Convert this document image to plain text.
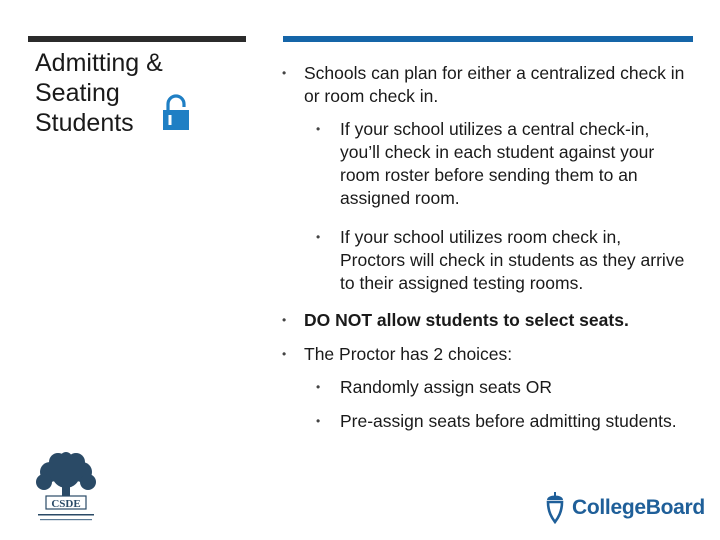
Admitting &
Seating
Students
• Schools can plan for either a centralized check in or room check in.
• If your school utilizes a central check-in, you’ll check in each student against your room roster before sending them to an assigned room.
• If your school utilizes room check in, Proctors will check in students as they arrive to their assigned testing rooms.
• DO NOT allow students to select seats.
• The Proctor has 2 choices:
• Randomly assign seats OR
• Pre-assign seats before admitting students.
CSDE	CollegeBoard
